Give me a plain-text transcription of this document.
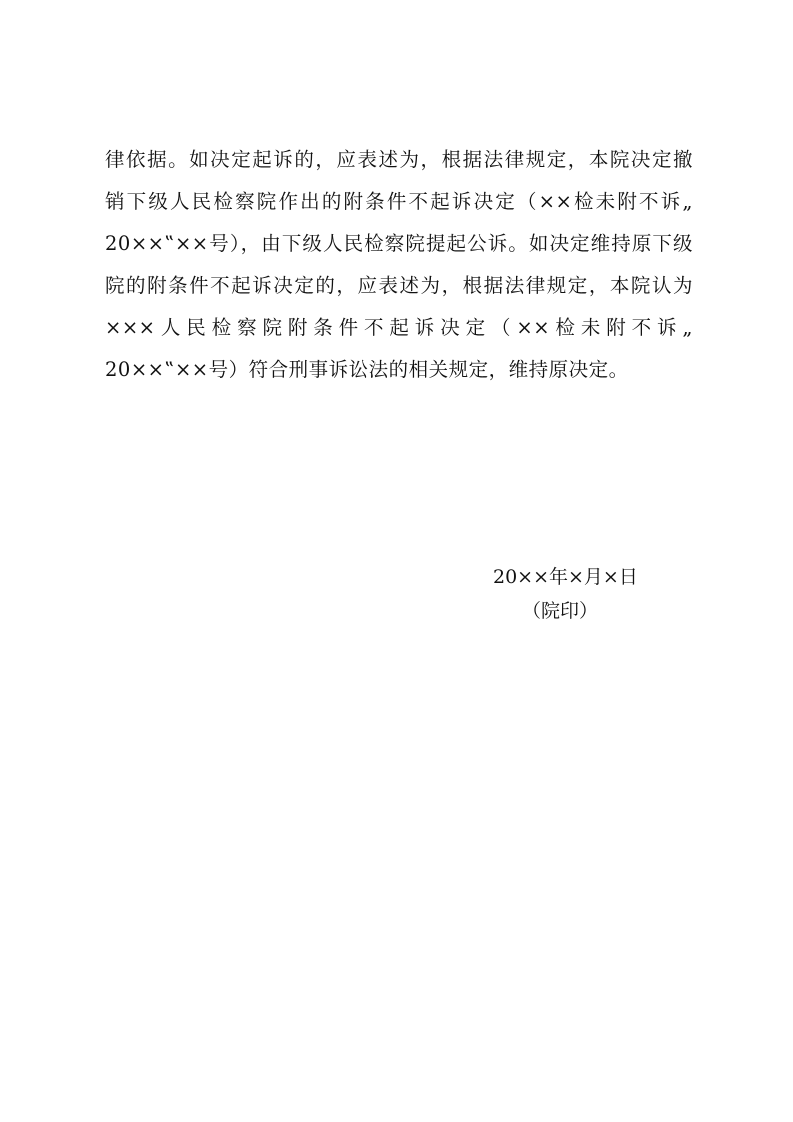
律依据。如决定起诉的，应表述为，根据法律规定，本院决定撤
销下级人民检察院作出的附条件不起诉决定（××检未附不诉„
20××‟××号），由下级人民检察院提起公诉。如决定维持原下级
院的附条件不起诉决定的，应表述为，根据法律规定，本院认为
×××人民检察院附条件不起诉决定（××检未附不诉„
20××‟××号）符合刑事诉讼法的相关规定，维持原决定。
20××年×月×日
（院印）
